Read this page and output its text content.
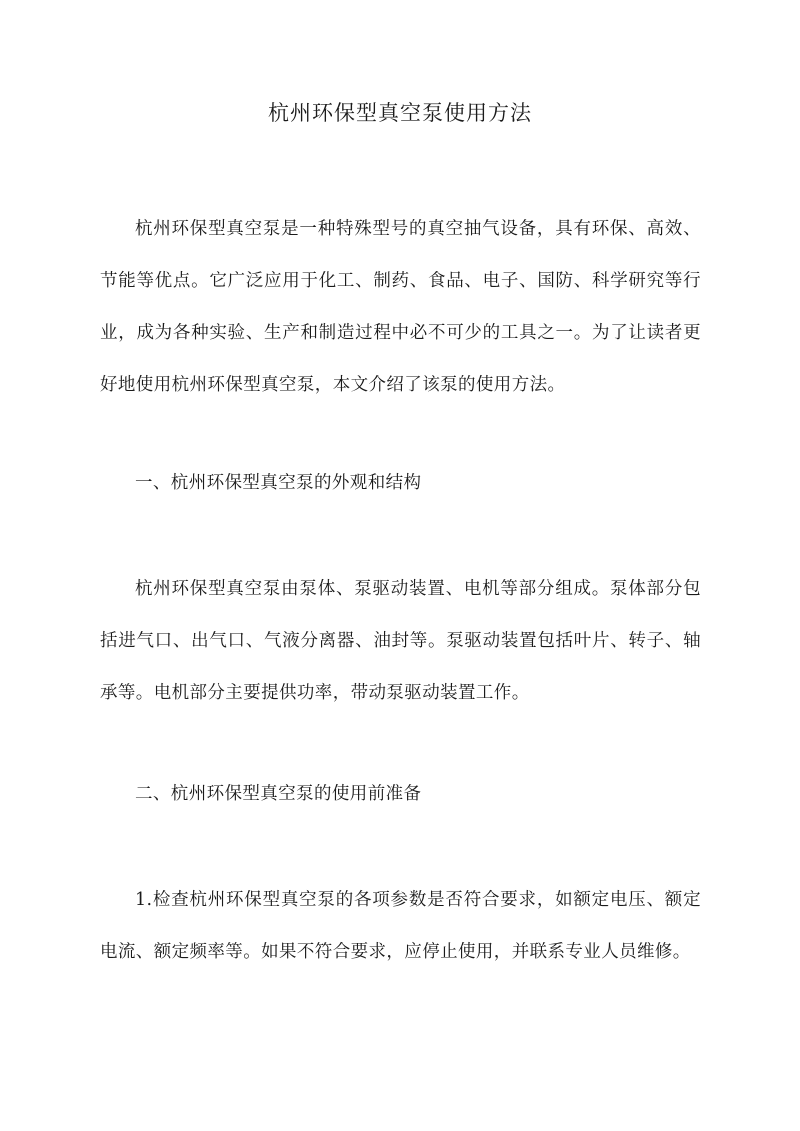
杭州环保型真空泵使用方法

杭州环保型真空泵是一种特殊型号的真空抽气设备，具有环保、高效、节能等优点。它广泛应用于化工、制药、食品、电子、国防、科学研究等行业，成为各种实验、生产和制造过程中必不可少的工具之一。为了让读者更好地使用杭州环保型真空泵，本文介绍了该泵的使用方法。

一、杭州环保型真空泵的外观和结构

杭州环保型真空泵由泵体、泵驱动装置、电机等部分组成。泵体部分包括进气口、出气口、气液分离器、油封等。泵驱动装置包括叶片、转子、轴承等。电机部分主要提供功率，带动泵驱动装置工作。

二、杭州环保型真空泵的使用前准备

1.检查杭州环保型真空泵的各项参数是否符合要求，如额定电压、额定电流、额定频率等。如果不符合要求，应停止使用，并联系专业人员维修。
